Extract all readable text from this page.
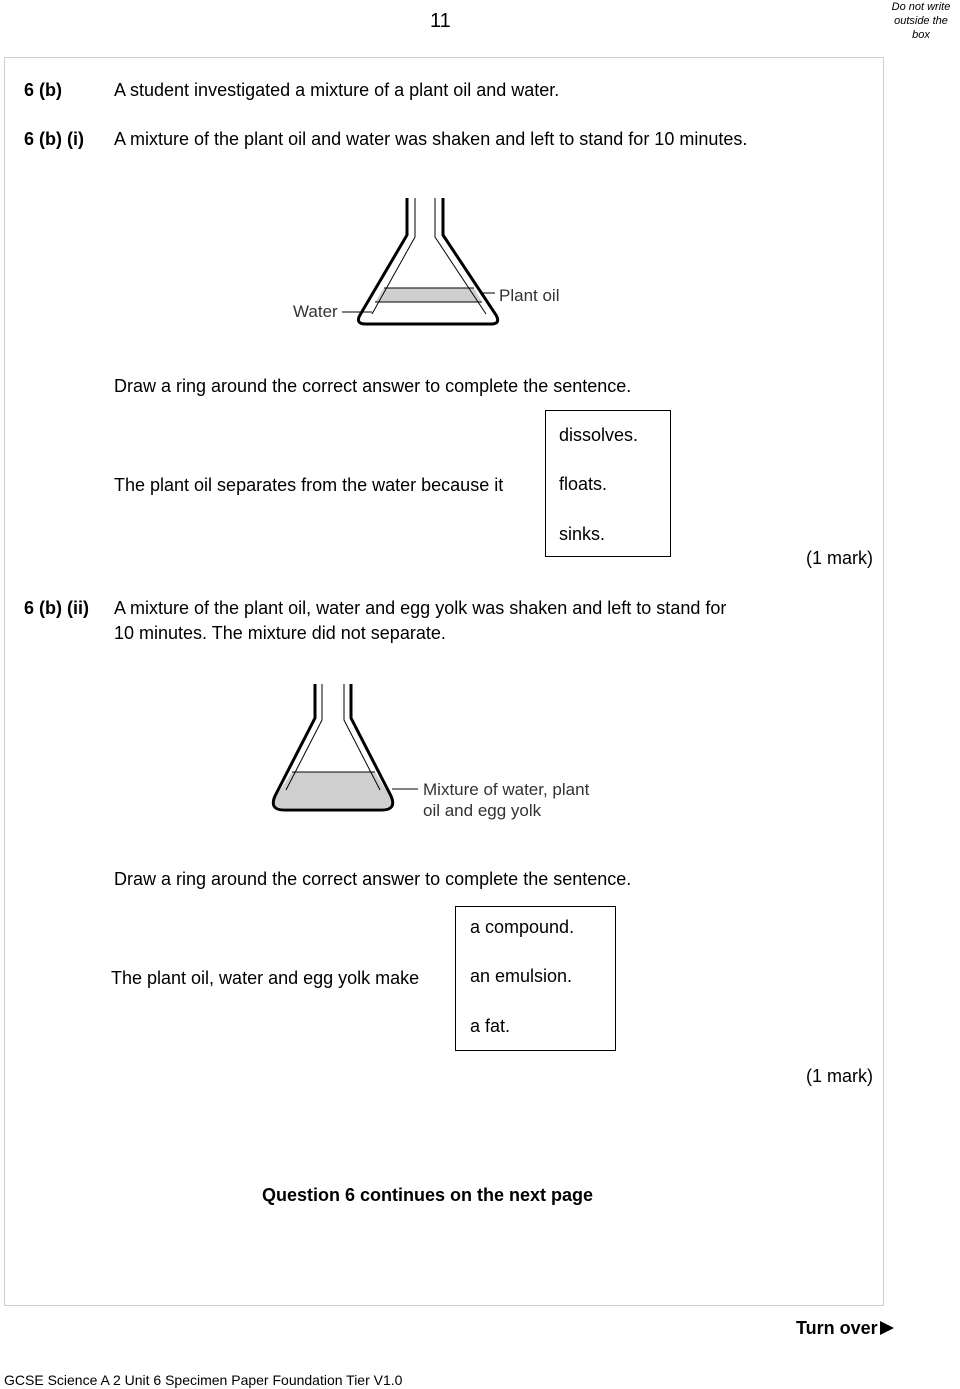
11
Do not write
outside the
box
6 (b)	A student investigated a mixture of a plant oil and water.
6 (b) (i) A mixture of the plant oil and water was shaken and left to stand for 10 minutes.
Water
Plant oil
Draw a ring around the correct answer to complete the sentence.
The plant oil separates from the water because it
dissolves.
floats.
sinks.
(1 mark)
6 (b) (ii) A mixture of the plant oil, water and egg yolk was shaken and left to stand for
10 minutes. The mixture did not separate.
Mixture of water, plant
oil and egg yolk
Draw a ring around the correct answer to complete the sentence.
The plant oil, water and egg yolk make
a compound.
an emulsion.
a fat.
(1 mark)
Question 6 continues on the next page
Turn over
GCSE Science A 2 Unit 6 Specimen Paper Foundation Tier V1.0
